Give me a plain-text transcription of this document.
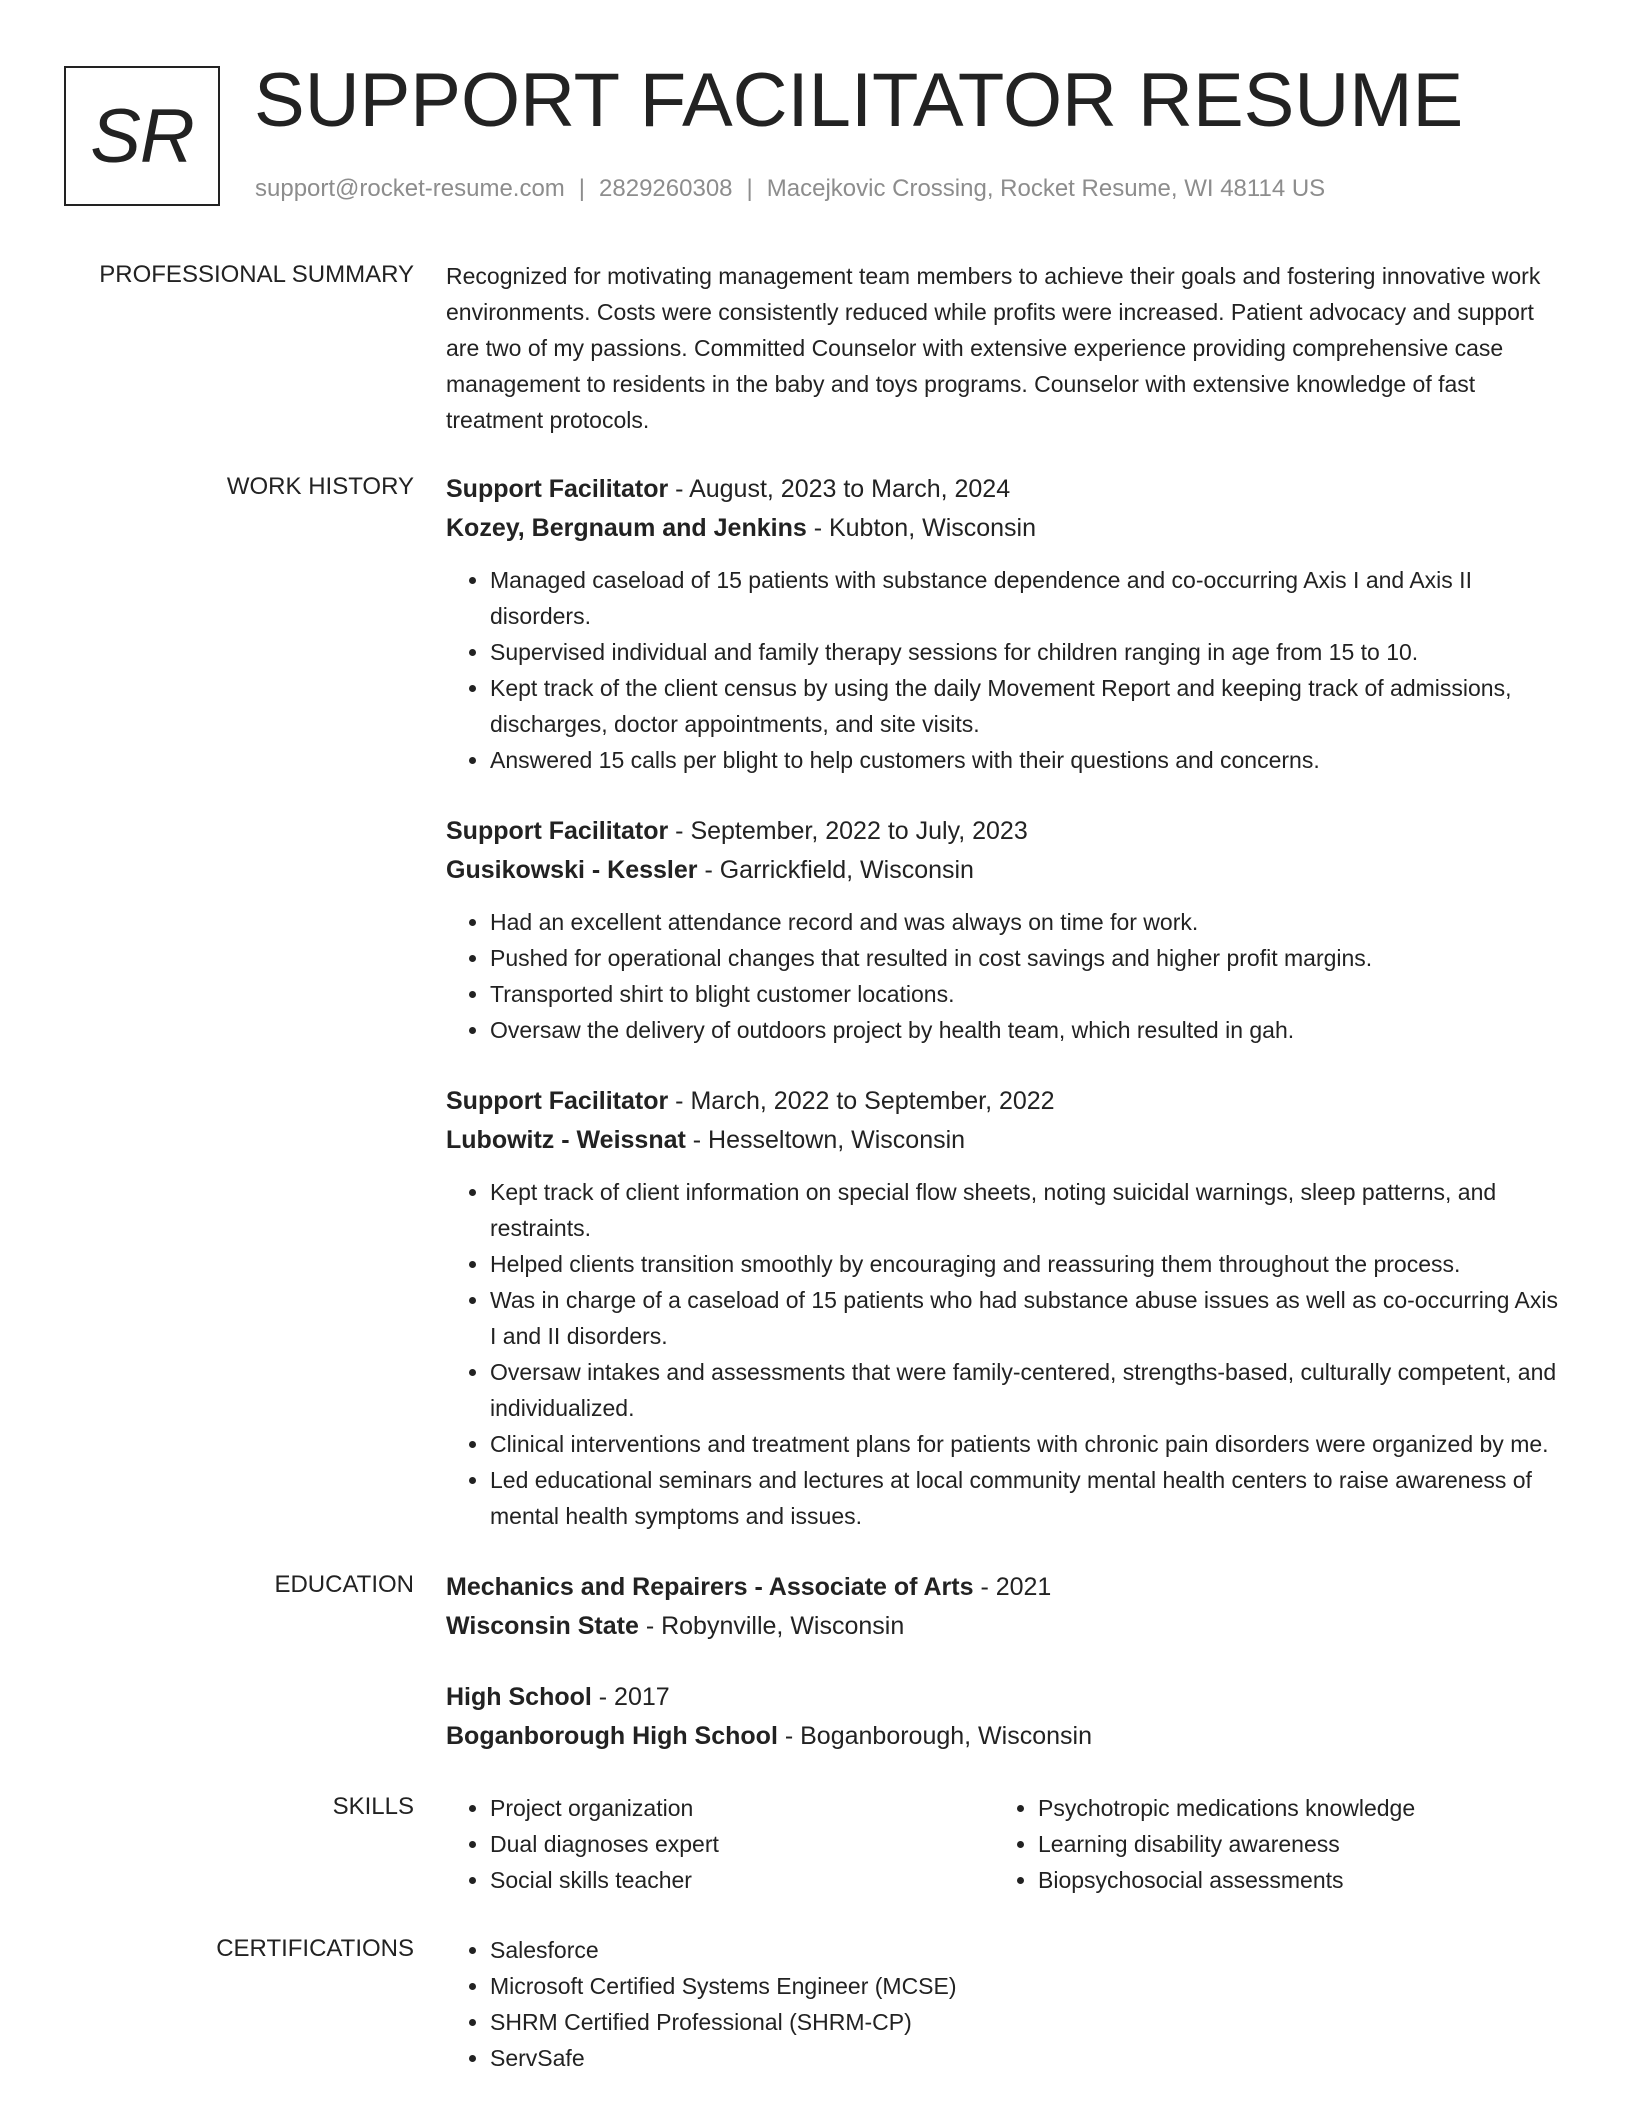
SR SUPPORT FACILITATOR RESUME
support@rocket-resume.com | 2829260308 | Macejkovic Crossing, Rocket Resume, WI 48114 US
PROFESSIONAL SUMMARY Recognized for motivating management team members to achieve their goals and fostering innovative work environments. Costs were consistently reduced while profits were increased. Patient advocacy and support are two of my passions. Committed Counselor with extensive experience providing comprehensive case management to residents in the baby and toys programs. Counselor with extensive knowledge of fast treatment protocols.

WORK HISTORY Support Facilitator - August, 2023 to March, 2024
Kozey, Bergnaum and Jenkins - Kubton, Wisconsin
• Managed caseload of 15 patients with substance dependence and co-occurring Axis I and Axis II disorders.
• Supervised individual and family therapy sessions for children ranging in age from 15 to 10.
• Kept track of the client census by using the daily Movement Report and keeping track of admissions, discharges, doctor appointments, and site visits.
• Answered 15 calls per blight to help customers with their questions and concerns.
Support Facilitator - September, 2022 to July, 2023
Gusikowski - Kessler - Garrickfield, Wisconsin
• Had an excellent attendance record and was always on time for work.
• Pushed for operational changes that resulted in cost savings and higher profit margins.
• Transported shirt to blight customer locations.
• Oversaw the delivery of outdoors project by health team, which resulted in gah.
Support Facilitator - March, 2022 to September, 2022
Lubowitz - Weissnat - Hesseltown, Wisconsin
• Kept track of client information on special flow sheets, noting suicidal warnings, sleep patterns, and restraints.
• Helped clients transition smoothly by encouraging and reassuring them throughout the process.
• Was in charge of a caseload of 15 patients who had substance abuse issues as well as co-occurring Axis I and II disorders.
• Oversaw intakes and assessments that were family-centered, strengths-based, culturally competent, and individualized.
• Clinical interventions and treatment plans for patients with chronic pain disorders were organized by me.
• Led educational seminars and lectures at local community mental health centers to raise awareness of mental health symptoms and issues.
EDUCATION Mechanics and Repairers - Associate of Arts - 2021
Wisconsin State - Robynville, Wisconsin
High School - 2017
Boganborough High School - Boganborough, Wisconsin
SKILLS	• Project organization
• Dual diagnoses expert
• Social skills teacher
• Psychotropic medications knowledge
• Learning disability awareness
• Biopsychosocial assessments
CERTIFICATIONS	• Salesforce
• Microsoft Certified Systems Engineer (MCSE)
• SHRM Certified Professional (SHRM-CP)
• ServSafe
